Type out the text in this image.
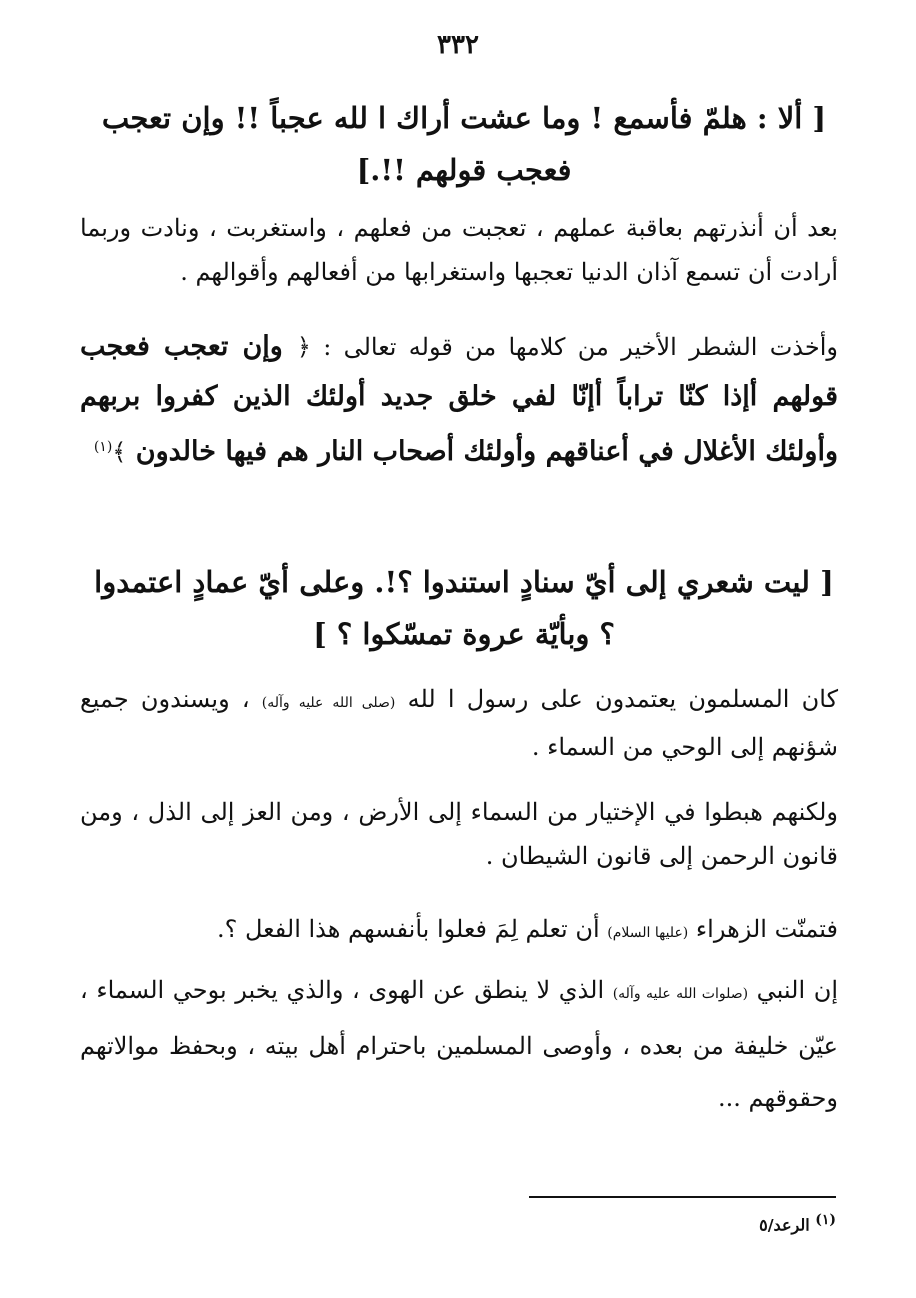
٣٣٢
[ ألا : هلمّ فأسمع ! وما عشت أراك ا لله عجباً !! وإن تعجب فعجب قولهم !!.]
بعد أن أنذرتهم بعاقبة عملهم ، تعجبت من فعلهم ، واستغربت ، ونادت وربما أرادت أن تسمع آذان الدنيا تعجبها واستغرابها من أفعالهم وأقوالهم .
وأخذت الشطر الأخير من كلامها من قوله تعالى : ﴿ وإن تعجب فعجب قولهم أإذا كنّا تراباً أإنّا لفي خلق جديد أولئك الذين كفروا بربهم وأولئك الأغلال في أعناقهم وأولئك أصحاب النار هم فيها خالدون ﴾$^{(١)}$
[ ليت شعري إلى أيّ سنادٍ استندوا ؟!. وعلى أيّ عمادٍ اعتمدوا ؟ وبأيّة عروة تمسّكوا ؟ ]
كان المسلمون يعتمدون على رسول ا لله (صلى الله عليه وآله) ، ويسندون جميع شؤنهم إلى الوحي من السماء .
ولكنهم هبطوا في الإختيار من السماء إلى الأرض ، ومن العز إلى الذل ، ومن قانون الرحمن إلى قانون الشيطان .
فتمنّت الزهراء (عليها السلام) أن تعلم لِمَ فعلوا بأنفسهم هذا الفعل ؟.
إن النبي (صلوات الله عليه وآله) الذي لا ينطق عن الهوى ، والذي يخبر بوحي السماء ، عيّن خليفة من بعده ، وأوصى المسلمين باحترام أهل بيته ، وبحفظ موالاتهم وحقوقهم ...
$^{(١)}$ الرعد/٥
